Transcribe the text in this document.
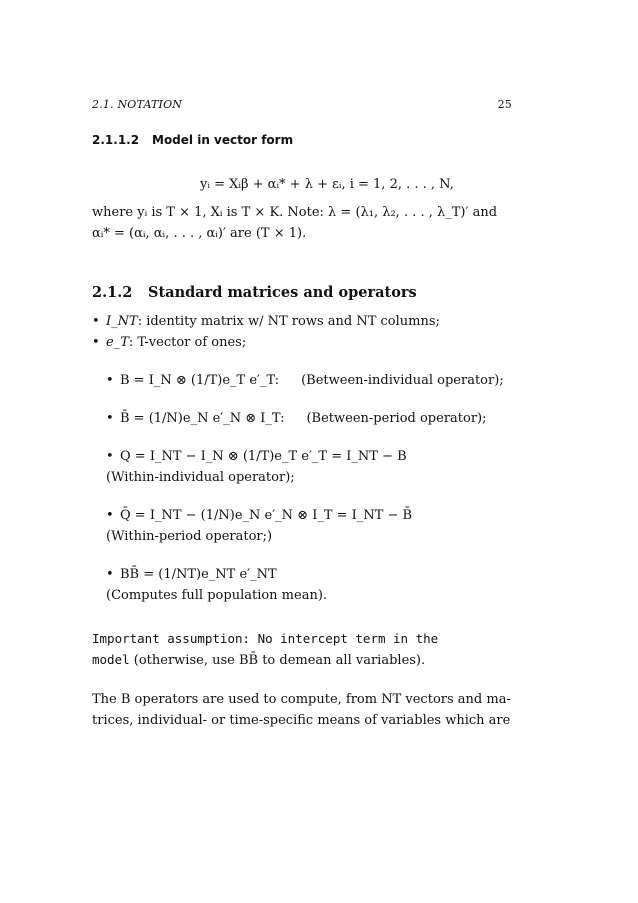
2.1. NOTATION	25
2.1.1.2 Model in vector form
yᵢ = Xᵢβ + αᵢ* + λ + εᵢ, i = 1, 2, . . . , N,
where yᵢ is T × 1, Xᵢ is T × K. Note: λ = (λ₁, λ₂, . . . , λ_T)′ and
αᵢ* = (αᵢ, αᵢ, . . . , αᵢ)′ are (T × 1).
2.1.2 Standard matrices and operators
• I_NT: identity matrix w/ NT rows and NT columns;
• e_T: T-vector of ones;
• B = I_N ⊗ (1/T)e_T e′_T: (Between-individual operator);
• B̄ = (1/N)e_N e′_N ⊗ I_T: (Between-period operator);
• Q = I_NT − I_N ⊗ (1/T)e_T e′_T = I_NT − B
(Within-individual operator);
• Q̄ = I_NT − (1/N)e_N e′_N ⊗ I_T = I_NT − B̄
(Within-period operator;)
• BB̄ = (1/NT)e_NT e′_NT
(Computes full population mean).
Important assumption: No intercept term in the
model (otherwise, use BB̄ to demean all variables).
The B operators are used to compute, from NT vectors and ma-
trices, individual- or time-specific means of variables which are
